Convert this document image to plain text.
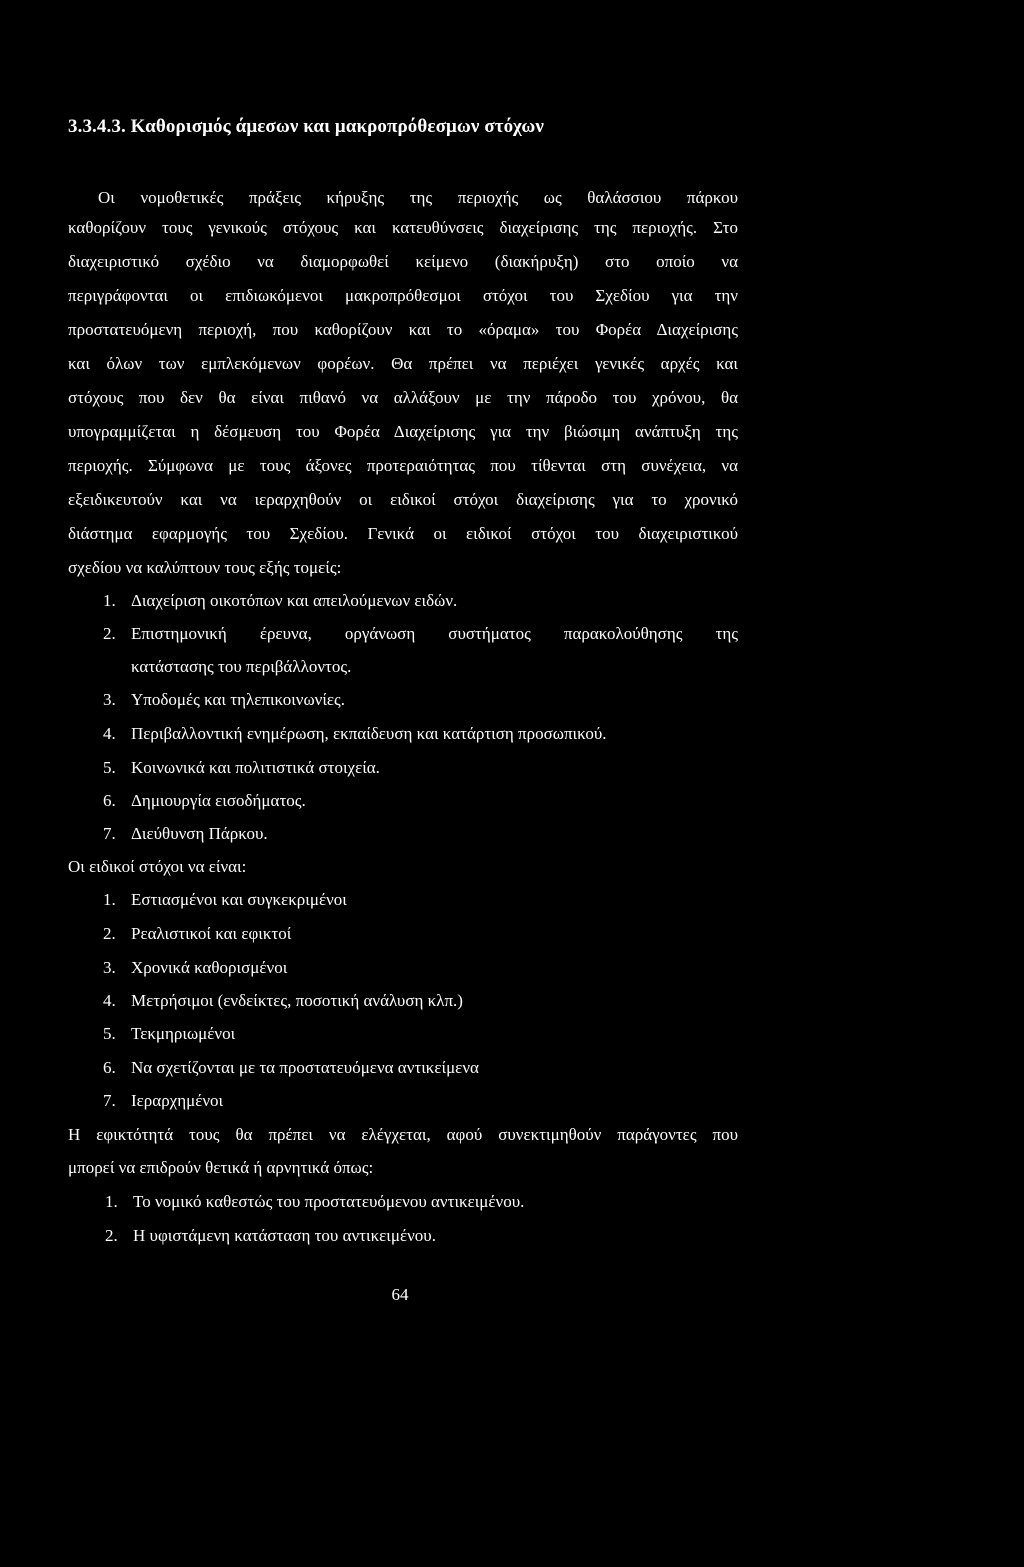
3.3.4.3. Καθορισμός άμεσων και μακροπρόθεσμων στόχων
Οι νομοθετικές πράξεις κήρυξης της περιοχής ως θαλάσσιου πάρκου
καθορίζουν τους γενικούς στόχους και κατευθύνσεις διαχείρισης της περιοχής. Στο
διαχειριστικό σχέδιο να διαμορφωθεί κείμενο (διακήρυξη) στο οποίο να
περιγράφονται οι επιδιωκόμενοι μακροπρόθεσμοι στόχοι του Σχεδίου για την
προστατευόμενη περιοχή, που καθορίζουν και το «όραμα» του Φορέα Διαχείρισης
και όλων των εμπλεκόμενων φορέων. Θα πρέπει να περιέχει γενικές αρχές και
στόχους που δεν θα είναι πιθανό να αλλάξουν με την πάροδο του χρόνου, θα
υπογραμμίζεται η δέσμευση του Φορέα Διαχείρισης για την βιώσιμη ανάπτυξη της
περιοχής. Σύμφωνα με τους άξονες προτεραιότητας που τίθενται στη συνέχεια, να
εξειδικευτούν και να ιεραρχηθούν οι ειδικοί στόχοι διαχείρισης για το χρονικό
διάστημα εφαρμογής του Σχεδίου. Γενικά οι ειδικοί στόχοι του διαχειριστικού
σχεδίου να καλύπτουν τους εξής τομείς:
1. Διαχείριση οικοτόπων και απειλούμενων ειδών.
2. Επιστημονική έρευνα, οργάνωση συστήματος παρακολούθησης της
κατάστασης του περιβάλλοντος.
3. Υποδομές και τηλεπικοινωνίες.
4. Περιβαλλοντική ενημέρωση, εκπαίδευση και κατάρτιση προσωπικού.
5. Κοινωνικά και πολιτιστικά στοιχεία.
6. Δημιουργία εισοδήματος.
7. Διεύθυνση Πάρκου.
Οι ειδικοί στόχοι να είναι:
1. Εστιασμένοι και συγκεκριμένοι
2. Ρεαλιστικοί και εφικτοί
3. Χρονικά καθορισμένοι
4. Μετρήσιμοι (ενδείκτες, ποσοτική ανάλυση κλπ.)
5. Τεκμηριωμένοι
6. Να σχετίζονται με τα προστατευόμενα αντικείμενα
7. Ιεραρχημένοι
Η εφικτότητά τους θα πρέπει να ελέγχεται, αφού συνεκτιμηθούν παράγοντες που
μπορεί να επιδρούν θετικά ή αρνητικά όπως:
1. Το νομικό καθεστώς του προστατευόμενου αντικειμένου.
2. Η υφιστάμενη κατάσταση του αντικειμένου.
64
